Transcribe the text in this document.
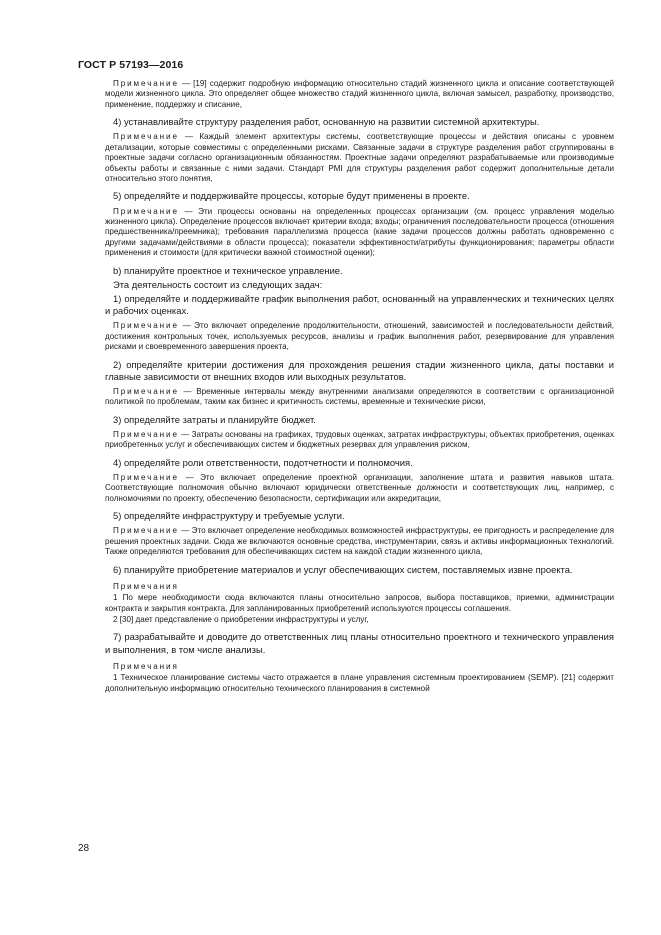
ГОСТ Р 57193—2016

Примечание — [19] содержит подробную информацию относительно стадий жизненного цикла и описание соответствующей модели жизненного цикла. Это определяет общее множество стадий жизненного цикла, включая замысел, разработку, производство, применение, поддержку и списание,

4) устанавливайте структуру разделения работ, основанную на развитии системной архитектуры.

Примечание — Каждый элемент архитектуры системы, соответствующие процессы и действия описаны с уровнем детализации, которые совместимы с определенными рисками. Связанные задачи в структуре разделения работ сгруппированы в проектные задачи согласно организационным обязанностям. Проектные задачи определяют разрабатываемые или производимые объекты работы и связанные с ними задачи. Стандарт PMI для структуры разделения работ содержит дополнительные детали относительно этого понятия,

5) определяйте и поддерживайте процессы, которые будут применены в проекте.

Примечание — Эти процессы основаны на определенных процессах организации (см. процесс управления моделью жизненного цикла). Определение процессов включает критерии входа; входы; ограничения последовательности процесса (отношения предшественника/преемника); требования параллелизма процесса (какие задачи процессов должны работать одновременно с другими задачами/действиями в области процесса); показатели эффективности/атрибуты функционирования; параметры области применения и стоимости (для критически важной стоимостной оценки);

b) планируйте проектное и техническое управление.

Эта деятельность состоит из следующих задач:

1) определяйте и поддерживайте график выполнения работ, основанный на управленческих и технических целях и рабочих оценках.

Примечание — Это включает определение продолжительности, отношений, зависимостей и последовательности действий, достижения контрольных точек, используемых ресурсов, анализы и график выполнения работ, резервирование для управления рисками и своевременного завершения проекта,

2) определяйте критерии достижения для прохождения решения стадии жизненного цикла, даты поставки и главные зависимости от внешних входов или выходных результатов.

Примечание — Временные интервалы между внутренними анализами определяются в соответствии с организационной политикой по проблемам, таким как бизнес и критичность системы, временные и технические риски,

3) определяйте затраты и планируйте бюджет.

Примечание — Затраты основаны на графиках, трудовых оценках, затратах инфраструктуры, объектах приобретения, оценках приобретенных услуг и обеспечивающих систем и бюджетных резервах для управления риском,

4) определяйте роли ответственности, подотчетности и полномочия.

Примечание — Это включает определение проектной организации, заполнение штата и развития навыков штата. Соответствующие полномочия обычно включают юридически ответственные должности и соответствующих лиц, например, с полномочиями по проекту, обеспечению безопасности, сертификации или аккредитации,

5) определяйте инфраструктуру и требуемые услуги.

Примечание — Это включает определение необходимых возможностей инфраструктуры, ее пригодность и распределение для решения проектных задачи. Сюда же включаются основные средства, инструментарии, связь и активы информационных технологий. Также определяются требования для обеспечивающих систем на каждой стадии жизненного цикла,

6) планируйте приобретение материалов и услуг обеспечивающих систем, поставляемых извне проекта.

Примечания

1 По мере необходимости сюда включаются планы относительно запросов, выбора поставщиков, приемки, администрации контракта и закрытия контракта. Для запланированных приобретений используются процессы соглашения.

2 [30] дает представление о приобретении инфраструктуры и услуг,

7) разрабатывайте и доводите до ответственных лиц планы относительно проектного и технического управления и выполнения, в том числе анализы.

Примечания

1 Техническое планирование системы часто отражается в плане управления системным проектированием (SEMP). [21] содержит дополнительную информацию относительно технического планирования в системной

28
